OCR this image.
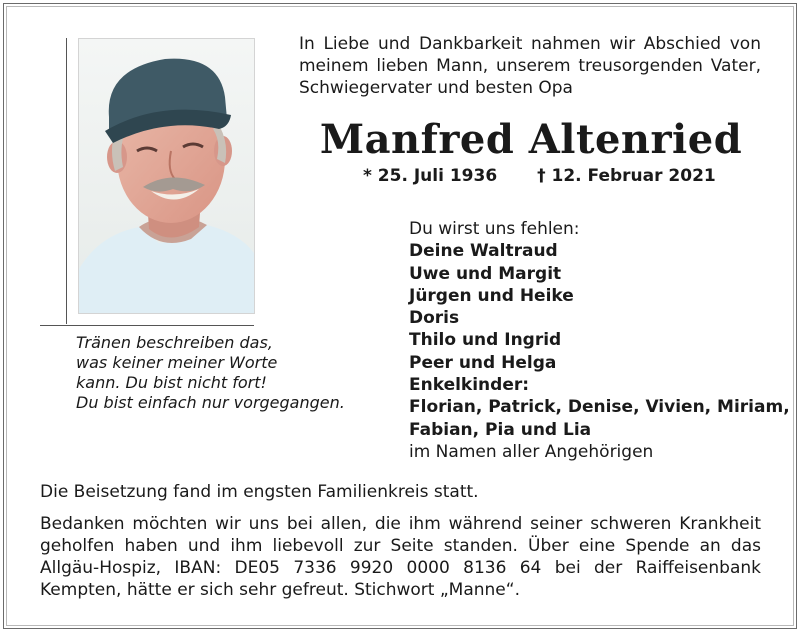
In Liebe und Dankbarkeit nahmen wir Abschied von meinem lieben Mann, unserem treusorgenden Vater, Schwiegervater und besten Opa

Manfred Altenried
* 25. Juli 1936 † 12. Februar 2021
Du wirst uns fehlen:
Deine Waltraud
Uwe und Margit
Jürgen und Heike
Doris
Thilo und Ingrid
Peer und Helga
Enkelkinder:
Florian, Patrick, Denise, Vivien, Miriam,
Fabian, Pia und Lia
im Namen aller Angehörigen
Tränen beschreiben das,
was keiner meiner Worte
kann. Du bist nicht fort!
Du bist einfach nur vorgegangen.

Die Beisetzung fand im engsten Familienkreis statt.

Bedanken möchten wir uns bei allen, die ihm während seiner schweren Krankheit geholfen haben und ihm liebevoll zur Seite standen. Über eine Spende an das Allgäu-Hospiz, IBAN: DE05 7336 9920 0000 8136 64 bei der Raiffeisenbank Kempten, hätte er sich sehr gefreut. Stichwort „Manne“.
